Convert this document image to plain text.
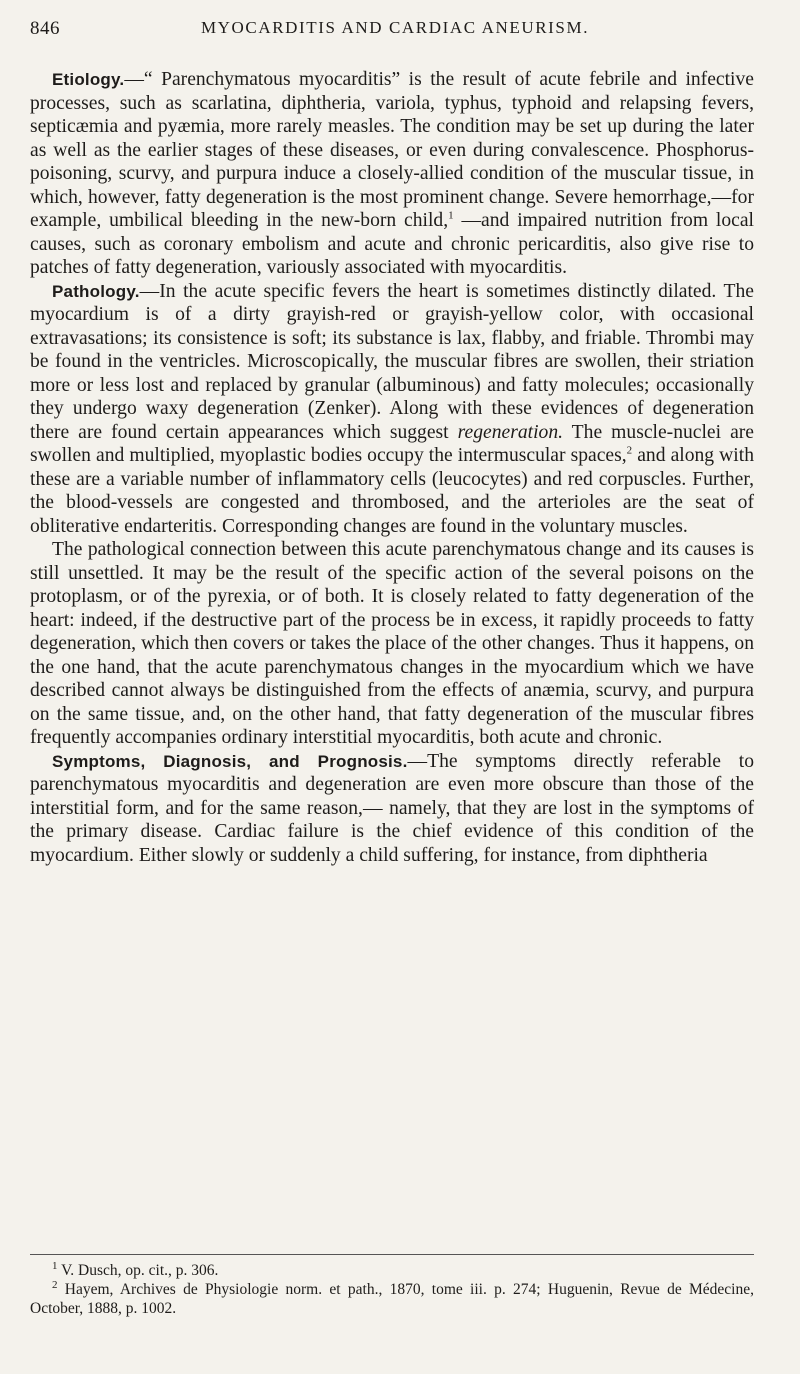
846	MYOCARDITIS AND CARDIAC ANEURISM.

Etiology.—“ Parenchymatous myocarditis” is the result of acute febrile and infective processes, such as scarlatina, diphtheria, variola, typhus, typhoid and relapsing fevers, septicæmia and pyæmia, more rarely measles. The condition may be set up during the later as well as the earlier stages of these diseases, or even during convalescence. Phosphorus-poisoning, scurvy, and purpura induce a closely-allied condition of the muscular tissue, in which, however, fatty degeneration is the most prominent change. Severe hemorrhage,—for example, umbilical bleeding in the new-born child,$^1$ —and impaired nutrition from local causes, such as coronary embolism and acute and chronic pericarditis, also give rise to patches of fatty degeneration, variously associated with myocarditis.

Pathology.—In the acute specific fevers the heart is sometimes distinctly dilated. The myocardium is of a dirty grayish-red or grayish-yellow color, with occasional extravasations; its consistence is soft; its substance is lax, flabby, and friable. Thrombi may be found in the ventricles. Microscopically, the muscular fibres are swollen, their striation more or less lost and replaced by granular (albuminous) and fatty molecules; occasionally they undergo waxy degeneration (Zenker). Along with these evidences of degeneration there are found certain appearances which suggest regeneration. The muscle-nuclei are swollen and multiplied, myoplastic bodies occupy the intermuscular spaces,$^2$ and along with these are a variable number of inflammatory cells (leucocytes) and red corpuscles. Further, the blood-vessels are congested and thrombosed, and the arterioles are the seat of obliterative endarteritis. Corresponding changes are found in the voluntary muscles.

The pathological connection between this acute parenchymatous change and its causes is still unsettled. It may be the result of the specific action of the several poisons on the protoplasm, or of the pyrexia, or of both. It is closely related to fatty degeneration of the heart: indeed, if the destructive part of the process be in excess, it rapidly proceeds to fatty degeneration, which then covers or takes the place of the other changes. Thus it happens, on the one hand, that the acute parenchymatous changes in the myocardium which we have described cannot always be distinguished from the effects of anæmia, scurvy, and purpura on the same tissue, and, on the other hand, that fatty degeneration of the muscular fibres frequently accompanies ordinary interstitial myocarditis, both acute and chronic.

Symptoms, Diagnosis, and Prognosis.—The symptoms directly referable to parenchymatous myocarditis and degeneration are even more obscure than those of the interstitial form, and for the same reason,— namely, that they are lost in the symptoms of the primary disease. Cardiac failure is the chief evidence of this condition of the myocardium. Either slowly or suddenly a child suffering, for instance, from diphtheria

$^1$ V. Dusch, op. cit., p. 306.

$^2$ Hayem, Archives de Physiologie norm. et path., 1870, tome iii. p. 274; Huguenin, Revue de Médecine, October, 1888, p. 1002.
